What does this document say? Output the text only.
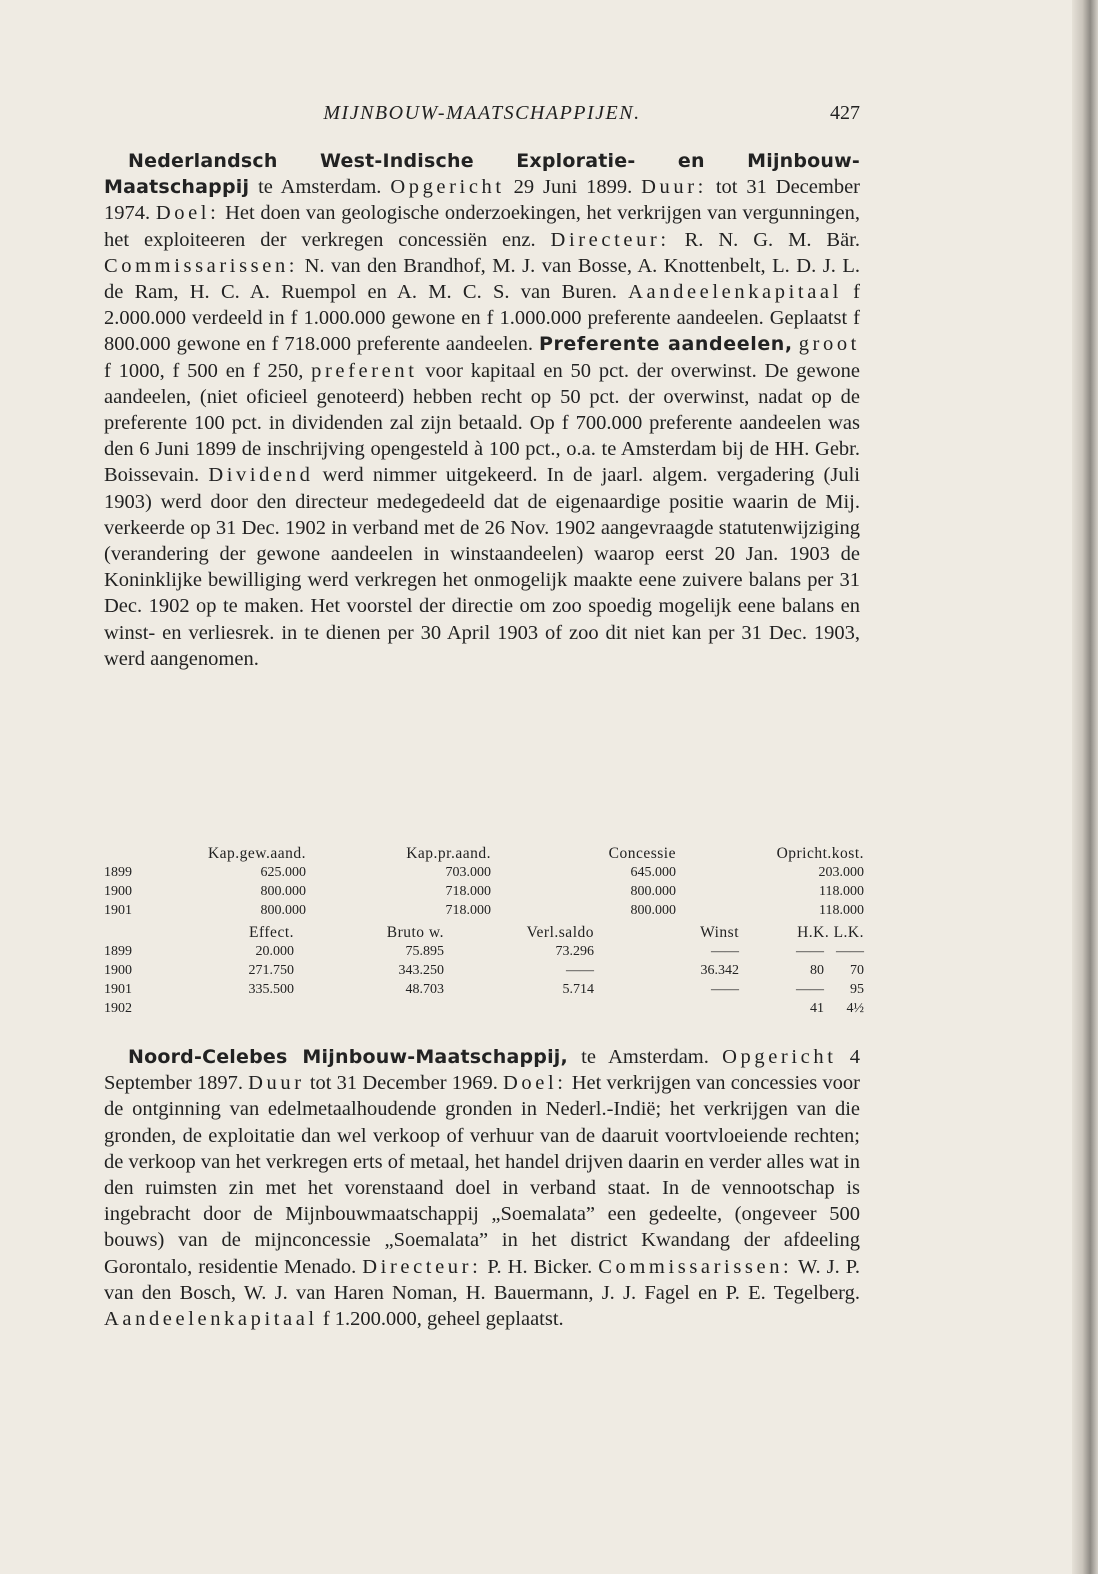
MIJNBOUW-MAATSCHAPPIJEN.	427

Nederlandsch West-Indische Exploratie- en Mijnbouw-Maatschappij te Amsterdam. Opgericht 29 Juni 1899. Duur: tot 31 December 1974. Doel: Het doen van geologische onderzoekingen, het verkrijgen van vergunningen, het exploiteeren der verkregen concessiën enz. Directeur: R. N. G. M. Bär. Commissarissen: N. van den Brandhof, M. J. van Bosse, A. Knottenbelt, L. D. J. L. de Ram, H. C. A. Ruempol en A. M. C. S. van Buren. Aandeelenkapitaal f 2.000.000 verdeeld in f 1.000.000 gewone en f 1.000.000 preferente aandeelen. Geplaatst f 800.000 gewone en f 718.000 preferente aandeelen. Preferente aandeelen, groot f 1000, f 500 en f 250, preferent voor kapitaal en 50 pct. der overwinst. De gewone aandeelen, (niet oficieel genoteerd) hebben recht op 50 pct. der overwinst, nadat op de preferente 100 pct. in dividenden zal zijn betaald. Op f 700.000 preferente aandeelen was den 6 Juni 1899 de inschrijving opengesteld à 100 pct., o.a. te Amsterdam bij de HH. Gebr. Boissevain. Dividend werd nimmer uitgekeerd. In de jaarl. algem. vergadering (Juli 1903) werd door den directeur medegedeeld dat de eigenaardige positie waarin de Mij. verkeerde op 31 Dec. 1902 in verband met de 26 Nov. 1902 aangevraagde statutenwijziging (verandering der gewone aandeelen in winstaandeelen) waarop eerst 20 Jan. 1903 de Koninklijke bewilliging werd verkregen het onmogelijk maakte eene zuivere balans per 31 Dec. 1902 op te maken. Het voorstel der directie om zoo spoedig mogelijk eene balans en winst- en verliesrek. in te dienen per 30 April 1903 of zoo dit niet kan per 31 Dec. 1903, werd aangenomen.

	Kap.gew.aand.	Kap.pr.aand.	Concessie	Opricht.kost.
1899	625.000	703.000	645.000	203.000
1900	800.000	718.000	800.000	118.000
1901	800.000	718.000	800.000	118.000
	Effect.	Bruto w.	Verl.saldo	Winst	H.K. L.K.	
1899	20.000	75.895	73.296	——	——	——
1900	271.750	343.250	——	36.342	80	70
1901	335.500	48.703	5.714	——	——	95
1902					41	4½

Noord-Celebes Mijnbouw-Maatschappij, te Amsterdam. Opgericht 4 September 1897. Duur tot 31 December 1969. Doel: Het verkrijgen van concessies voor de ontginning van edelmetaalhoudende gronden in Nederl.-Indië; het verkrijgen van die gronden, de exploitatie dan wel verkoop of verhuur van de daaruit voortvloeiende rechten; de verkoop van het verkregen erts of metaal, het handel drijven daarin en verder alles wat in den ruimsten zin met het vorenstaand doel in verband staat. In de vennootschap is ingebracht door de Mijnbouwmaatschappij „Soemalata” een gedeelte, (ongeveer 500 bouws) van de mijnconcessie „Soemalata” in het district Kwandang der afdeeling Gorontalo, residentie Menado. Directeur: P. H. Bicker. Commissarissen: W. J. P. van den Bosch, W. J. van Haren Noman, H. Bauermann, J. J. Fagel en P. E. Tegelberg. Aandeelenkapitaal f 1.200.000, geheel geplaatst.
